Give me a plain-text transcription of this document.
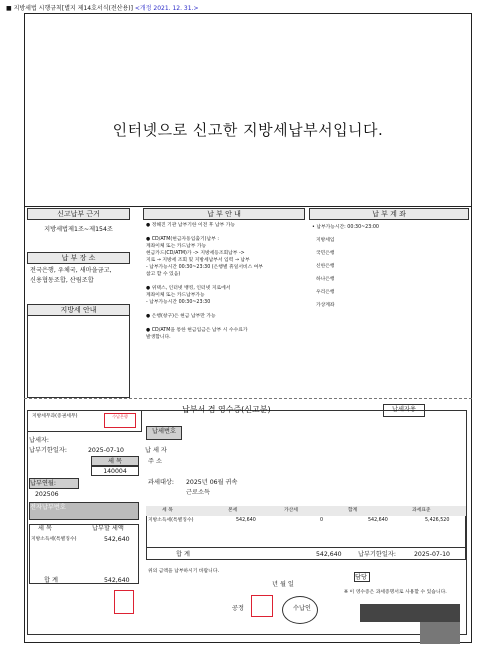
■ 지방세법 시행규칙[별지 제14호서식(전산용)] <개정 2021. 12. 31.>
인터넷으로 신고한 지방세납부서입니다.
신고납부 근거
지방세법제1조~제154조
납 부 장 소
전국은행, 우체국, 새마을금고,
신용협동조합, 산림조합
지방세 안내
납 부 안 내
● 정해진 기관 납부기한 이전 후 납부 가능
● CD/ATM(현금자동입출기)납부 :
계좌이체 또는 카드납부 가능
현금카드(CD/ATM)가 -> 지방세등조회납부 ->
지로 → 지방세 조회 및 지방세납부서 입력 → 납부
- 납부가능시간 00:30~23:30 (은행별 휴일서비스 여부
참고 할 수 있음)
● 위택스, 인터넷 뱅킹, 인터넷 지로에서
계좌이체 또는 카드납부가능
- 납부가능시간 00:30~23:30
● 은행(창구)은 현금 납부만 가능
● CD/ATM을 통한 현금입금은 납부 시 수수료가
발생합니다.
납 부 계 좌
• 납부가능시간: 00:30~23:00
지방세입
국민은행
신한은행
하나은행
우리은행
가상계좌
지방세무과(증권세무)	수납은행
납부서 겸 영수증(신고분)	납세자용
납세번호
납세자:
납부기한일자:	2025-07-10	납 세 자
주 소
세 목
140004
납부연월:
202506
과세대상: 2025년 06월 귀속
근로소득
전자납부번호
세 목	납부할 세액
지방소득세(특별징수)	542,640
합 계	542,640
세 목	본세	가산세	합계	과세표준
지방소득세(특별징수)	542,640	0	542,640	5,426,520
합 계	542,640	납부기한일자:	2025-07-10
위의 금액을 납부하시기 바랍니다.
년 월 일
담당
※ 이 영수증은 과세증명서로 사용할 수 있습니다.
공정	수납인
